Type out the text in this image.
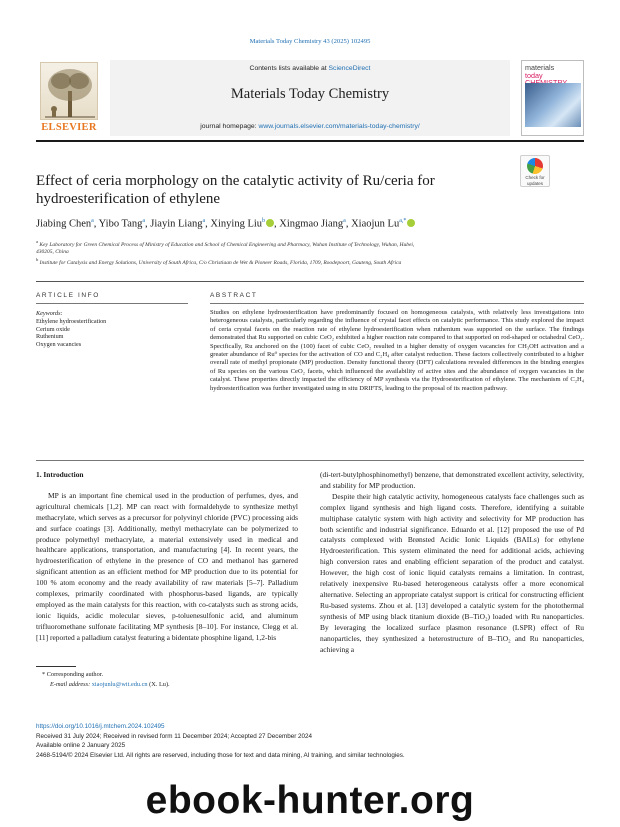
Materials Today Chemistry 43 (2025) 102495
ELSEVIER
Contents lists available at ScienceDirect
Materials Today Chemistry
journal homepage: www.journals.elsevier.com/materials-today-chemistry/
materials
today
Effect of ceria morphology on the catalytic activity of Ru/ceria for
hydroesterification of ethylene
Check for
updates
Jiabing Chen$^a$, Yibo Tang$^a$, Jiayin Liang$^a$, Xinying Liu$^b$ , Xingmao Jiang$^a$, Xiaojun $Lu^{a,*}$
$^a$ Key Laboratory for Green Chemical Process of Ministry of Education and School of Chemical Engineering and Pharmacy, Wuhan Institute of Technology, Wuhan, Hubei,
430205, China
$^b$ Institute for Catalysis and Energy Solutions, University of South Africa, C/o Christiaan de Wet & Pioneer Roads, Florida, 1709, Roodepoort, Gauteng, South Africa
ARTICLE INFO	ABSTRACT
Keywords:
Ethylene hydroesterification
Cerium oxide
Ruthenium
Oxygen vacancies
Studies on ethylene hydroesterification have predominantly focused on homogeneous catalysis, with relatively less investigations into heterogeneous catalysts, particularly regarding the influence of crystal facet effects on catalytic performance. This study explored the impact of ceria crystal facets on the reaction rate of ethylene hydroesterification when ruthenium was supported on the surface. The findings demonstrated that Ru supported on cubic CeO₂ exhibited a higher reaction rate compared to that supported on rod-shaped or octahedral CeO₂. Specifically, Ru anchored on the (100) facet of cubic CeO₂ resulted in a higher density of oxygen vacancies for CH₃OH activation and a greater abundance of Ru⁰ species for the activation of CO and C₂H₄ after catalyst reduction. These factors collectively contributed to a higher overall rate of methyl propionate (MP) production. Density functional theory (DFT) calculations revealed differences in the binding energies of Ru species on the various CeO₂ facets, which influenced the availability of active sites and the abundance of oxygen vacancies in the catalyst. These properties directly impacted the efficiency of MP synthesis via the Hydroesterification of ethylene. The mechanism of C₂H₄ hydroesterification was further investigated using in situ DRIFTS, leading to the proposal of its reaction pathway.
1. Introduction

MP is an important fine chemical used in the production of perfumes, dyes, and agricultural chemicals [1,2]. MP can react with formaldehyde to synthesize methyl methacrylate, which serves as a precursor for polyvinyl chloride (PVC) processing aids and surface coatings [3]. Additionally, methyl methacrylate can be polymerized to produce polymethyl methacrylate, a material extensively used in medical and healthcare applications, transportation, and manufacturing [4]. In recent years, the hydroesterification of ethylene in the presence of CO and methanol has garnered significant attention as an efficient method for MP production due to its potential for 100 % atom economy and the ready availability of raw materials [5–7]. Palladium complexes, primarily coordinated with phosphorus-based ligands, are typically employed as the main catalysts for this reaction, with co-catalysts such as strong acids, ionic liquids, acidic molecular sieves, p-toluenesulfonic acid, and aluminum trifluoromethane sulfonate facilitating MP synthesis [8–10]. For instance, Clegg et al. [11] reported a palladium catalyst featuring a bidentate phosphine ligand, 1,2-bis

(di-tert-butylphosphinomethyl) benzene, that demonstrated excellent activity, selectivity, and stability for MP production.

Despite their high catalytic activity, homogeneous catalysts face challenges such as complex ligand synthesis and high ligand costs. Therefore, identifying a suitable multiphase catalytic system with high activity and selectivity for MP production has both scientific and industrial significance. Eduardo et al. [12] proposed the use of Pd catalysts complexed with Brønsted Acidic Ionic Liquids (BAILs) for ethylene Hydroesterification. This system eliminated the need for additional acids, achieving high conversion rates and enabling efficient separation of the product and catalyst. However, the high cost of ionic liquid catalysts remains a limitation. In contrast, relatively inexpensive Ru-based heterogeneous catalysts offer a more economical alternative. Selecting an appropriate catalyst support is critical for constructing efficient Ru-based systems. Zhou et al. [13] developed a catalytic system for the photothermal synthesis of MP using black titanium dioxide (B–TiO₂) loaded with Ru nanoparticles. By leveraging the localized surface plasmon resonance (LSPR) effect of Ru nanoparticles, they synthesized a heterostructure of B–TiO₂ and Ru nanoparticles, achieving a

* Corresponding author.
E-mail address: xiaojunlu@wit.edu.cn (X. Lu).
https://doi.org/10.1016/j.mtchem.2024.102495
Received 31 July 2024; Received in revised form 11 December 2024; Accepted 27 December 2024
Available online 2 January 2025
2468-5194/© 2024 Elsevier Ltd. All rights are reserved, including those for text and data mining, AI training, and similar technologies.
ebook-hunter.org
